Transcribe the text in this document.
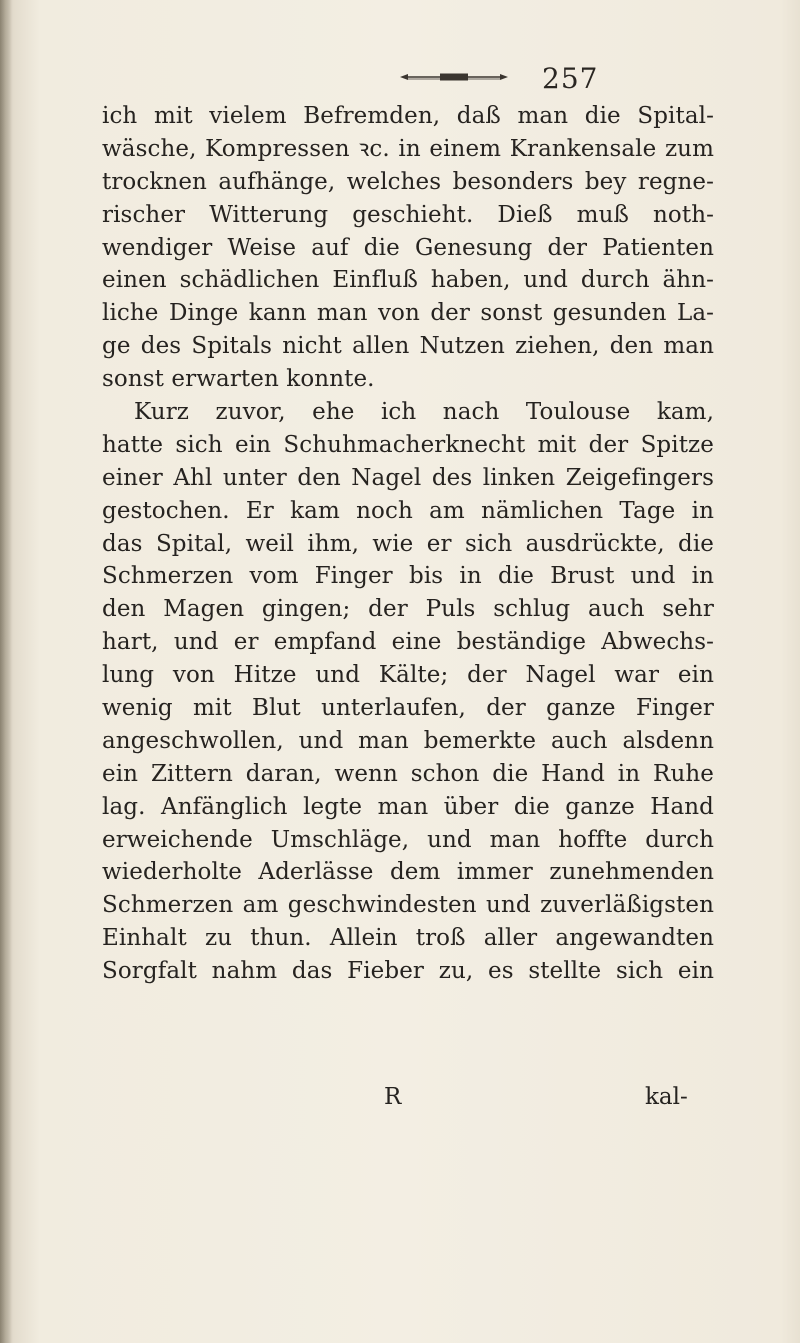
257
ich mit vielem Befremden, daß man die Spital-
wäsche, Kompressen ꝛc. in einem Krankensale zum
trocknen aufhänge, welches besonders bey regne-
rischer Witterung geschieht. Dieß muß noth-
wendiger Weise auf die Genesung der Patienten
einen schädlichen Einfluß haben, und durch ähn-
liche Dinge kann man von der sonst gesunden La-
ge des Spitals nicht allen Nutzen ziehen, den man
sonst erwarten konnte.
Kurz zuvor, ehe ich nach Toulouse kam,
hatte sich ein Schuhmacherknecht mit der Spitze
einer Ahl unter den Nagel des linken Zeigefingers
gestochen. Er kam noch am nämlichen Tage in
das Spital, weil ihm, wie er sich ausdrückte, die
Schmerzen vom Finger bis in die Brust und in
den Magen gingen; der Puls schlug auch sehr
hart, und er empfand eine beständige Abwechs-
lung von Hitze und Kälte; der Nagel war ein
wenig mit Blut unterlaufen, der ganze Finger
angeschwollen, und man bemerkte auch alsdenn
ein Zittern daran, wenn schon die Hand in Ruhe
lag. Anfänglich legte man über die ganze Hand
erweichende Umschläge, und man hoffte durch
wiederholte Aderlässe dem immer zunehmenden
Schmerzen am geschwindesten und zuverläßigsten
Einhalt zu thun. Allein troß aller angewandten
Sorgfalt nahm das Fieber zu, es stellte sich ein
R	kal-
